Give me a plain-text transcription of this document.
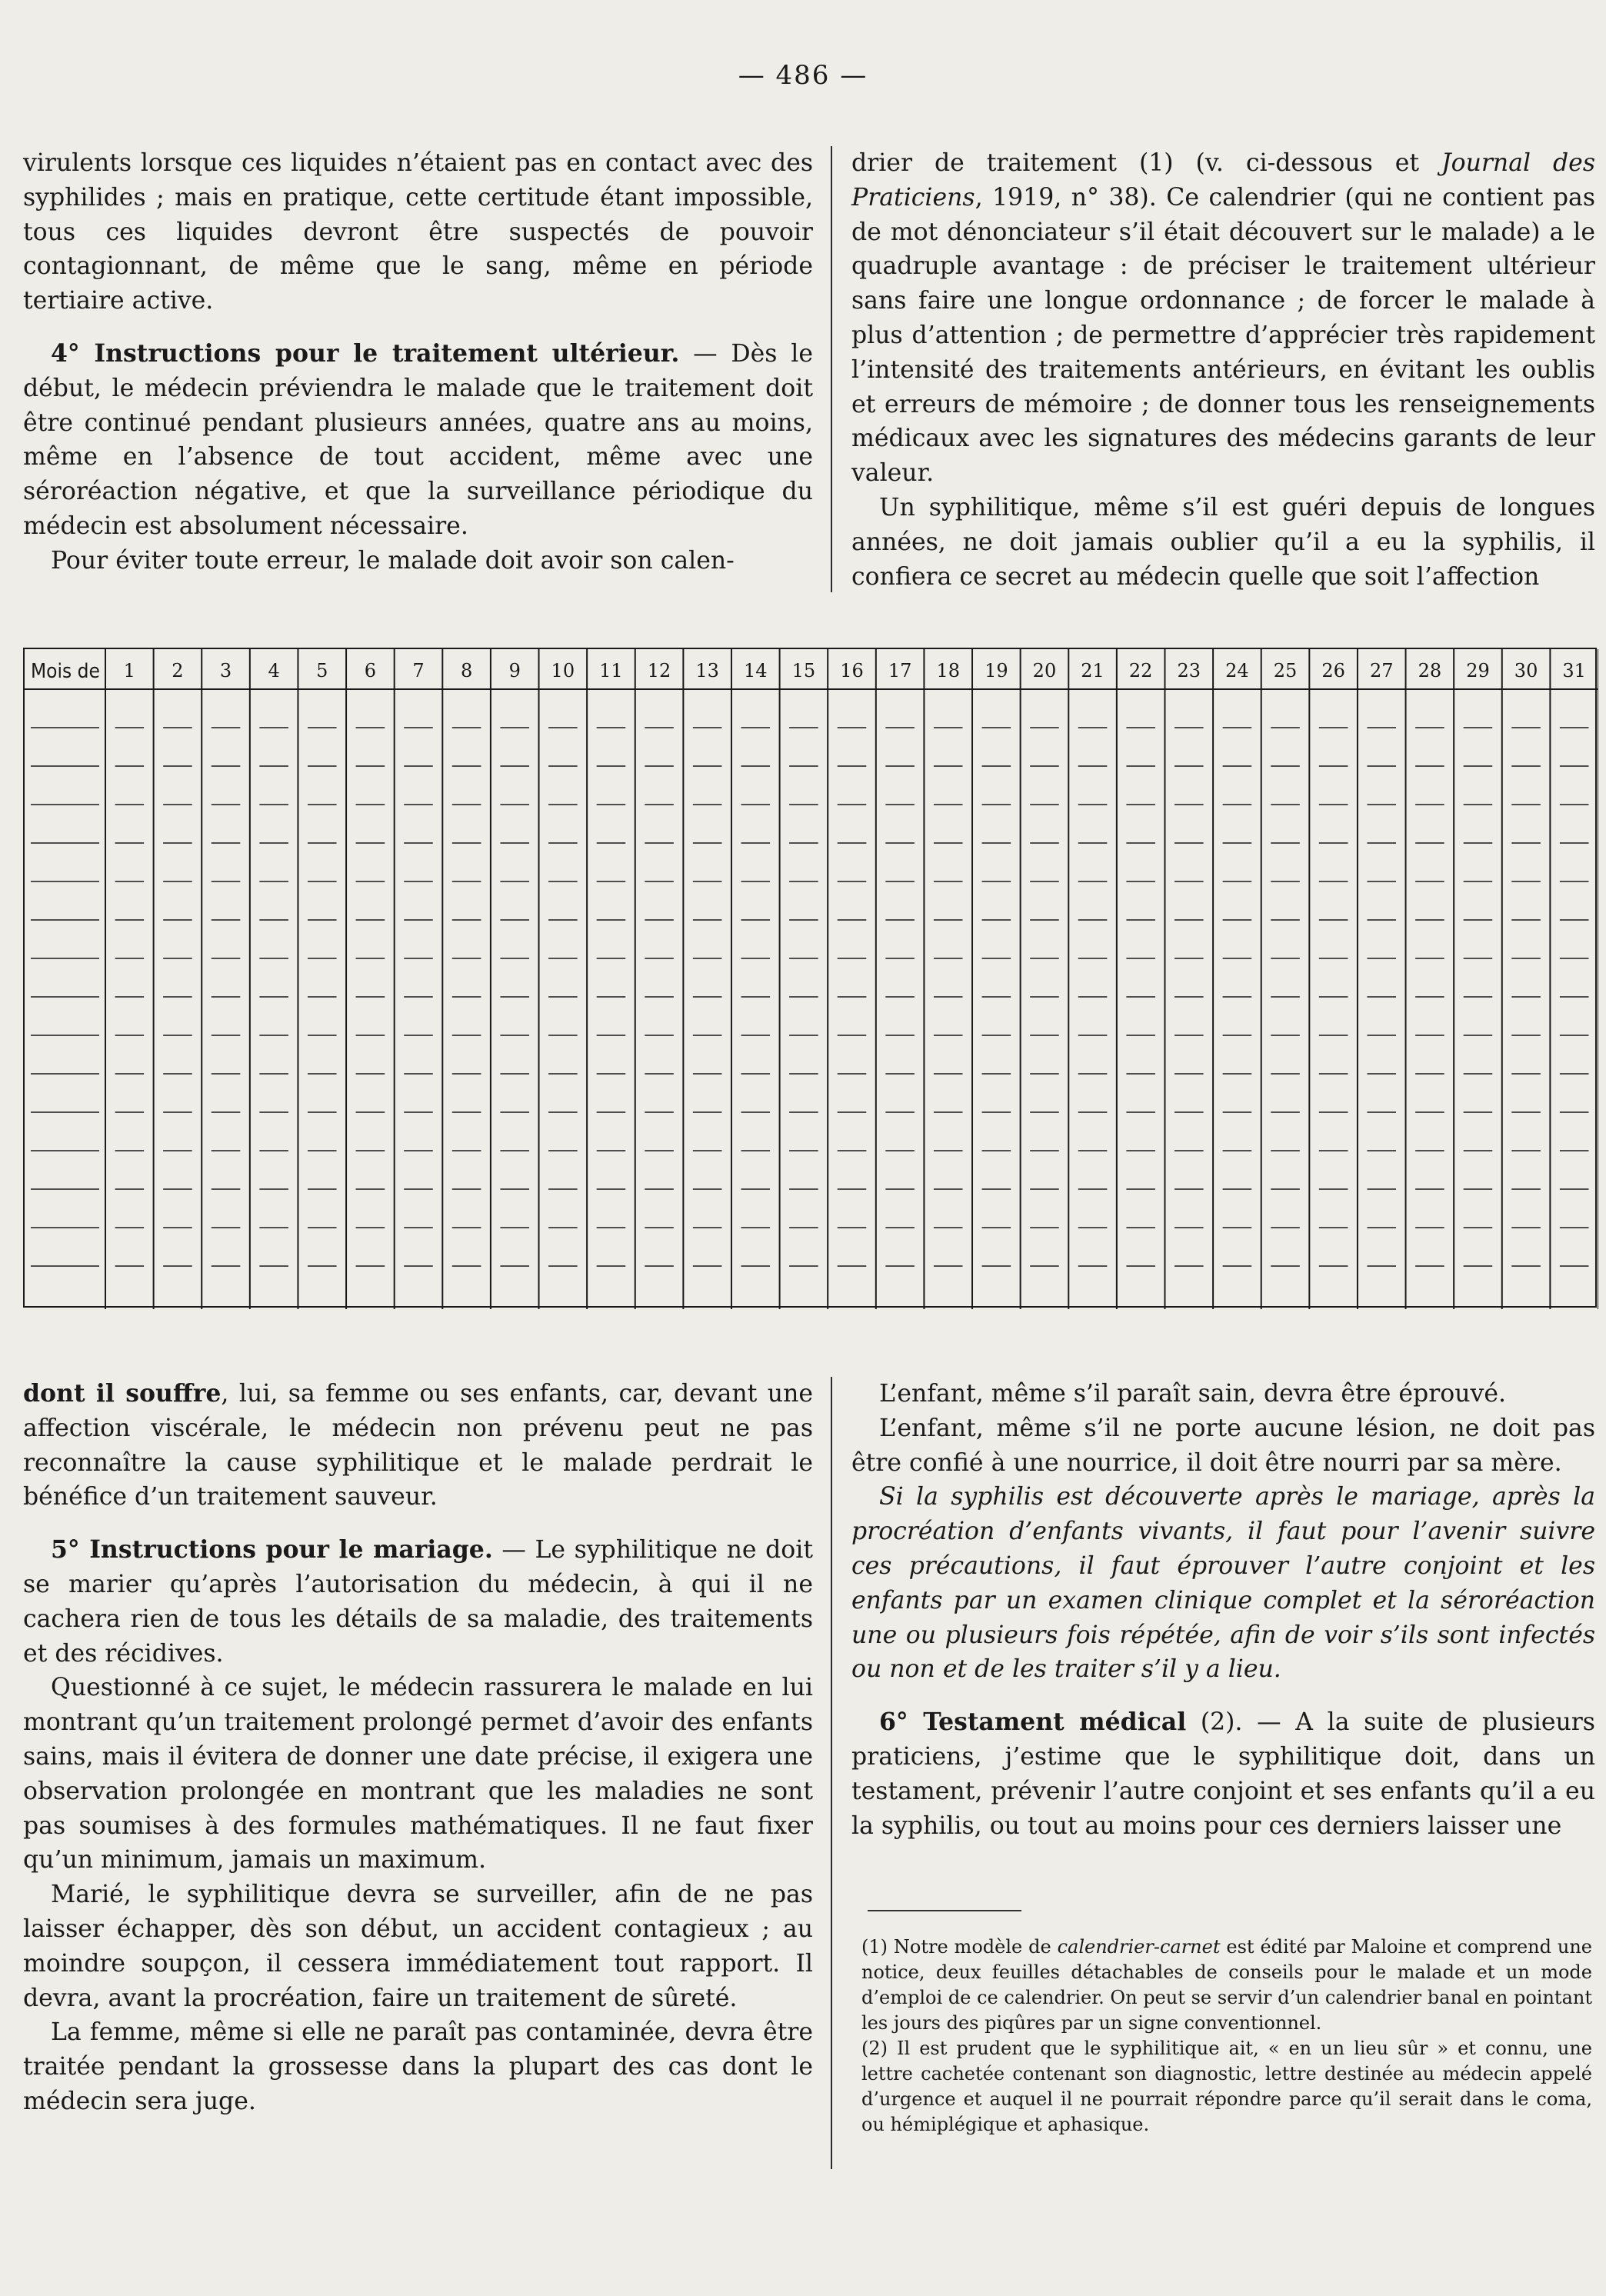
— 486 —

virulents lorsque ces liquides n’étaient pas en contact avec des syphilides ; mais en pratique, cette certitude étant impossible, tous ces liquides devront être suspectés de pouvoir contagionnant, de même que le sang, même en période tertiaire active.

4° Instructions pour le traitement ultérieur. — Dès le début, le médecin préviendra le malade que le traitement doit être continué pendant plusieurs années, quatre ans au moins, même en l’absence de tout accident, même avec une séroréaction négative, et que la surveillance périodique du médecin est absolument nécessaire.

Pour éviter toute erreur, le malade doit avoir son calen-

drier de traitement (1) (v. ci-dessous et Journal des Praticiens, 1919, n° 38). Ce calendrier (qui ne contient pas de mot dénonciateur s’il était découvert sur le malade) a le quadruple avantage : de préciser le traitement ultérieur sans faire une longue ordonnance ; de forcer le malade à plus d’attention ; de permettre d’apprécier très rapidement l’intensité des traitements antérieurs, en évitant les oublis et erreurs de mémoire ; de donner tous les renseignements médicaux avec les signatures des médecins garants de leur valeur.

Un syphilitique, même s’il est guéri depuis de longues années, ne doit jamais oublier qu’il a eu la syphilis, il confiera ce secret au médecin quelle que soit l’affection

Mois de 1 2 3 4 5 6 7 8 9 10 11 12 13 14 15 16 17 18 19 20 21 22 23 24 25 26 27 28 29 30 31

dont il souffre, lui, sa femme ou ses enfants, car, devant une affection viscérale, le médecin non prévenu peut ne pas reconnaître la cause syphilitique et le malade perdrait le bénéfice d’un traitement sauveur.

5° Instructions pour le mariage. — Le syphilitique ne doit se marier qu’après l’autorisation du médecin, à qui il ne cachera rien de tous les détails de sa maladie, des traitements et des récidives.

Questionné à ce sujet, le médecin rassurera le malade en lui montrant qu’un traitement prolongé permet d’avoir des enfants sains, mais il évitera de donner une date précise, il exigera une observation prolongée en montrant que les maladies ne sont pas soumises à des formules mathématiques. Il ne faut fixer qu’un minimum, jamais un maximum.

Marié, le syphilitique devra se surveiller, afin de ne pas laisser échapper, dès son début, un accident contagieux ; au moindre soupçon, il cessera immédiatement tout rapport. Il devra, avant la procréation, faire un traitement de sûreté.

La femme, même si elle ne paraît pas contaminée, devra être traitée pendant la grossesse dans la plupart des cas dont le médecin sera juge.

L’enfant, même s’il paraît sain, devra être éprouvé.

L’enfant, même s’il ne porte aucune lésion, ne doit pas être confié à une nourrice, il doit être nourri par sa mère.

Si la syphilis est découverte après le mariage, après la procréation d’enfants vivants, il faut pour l’avenir suivre ces précautions, il faut éprouver l’autre conjoint et les enfants par un examen clinique complet et la séroréaction une ou plusieurs fois répétée, afin de voir s’ils sont infectés ou non et de les traiter s’il y a lieu.

6° Testament médical (2). — A la suite de plusieurs praticiens, j’estime que le syphilitique doit, dans un testament, prévenir l’autre conjoint et ses enfants qu’il a eu la syphilis, ou tout au moins pour ces derniers laisser une

(1) Notre modèle de calendrier-carnet est édité par Maloine et comprend une notice, deux feuilles détachables de conseils pour le malade et un mode d’emploi de ce calendrier. On peut se servir d’un calendrier banal en pointant les jours des piqûres par un signe conventionnel.

(2) Il est prudent que le syphilitique ait, « en un lieu sûr » et connu, une lettre cachetée contenant son diagnostic, lettre destinée au médecin appelé d’urgence et auquel il ne pourrait répondre parce qu’il serait dans le coma, ou hémiplégique et aphasique.
